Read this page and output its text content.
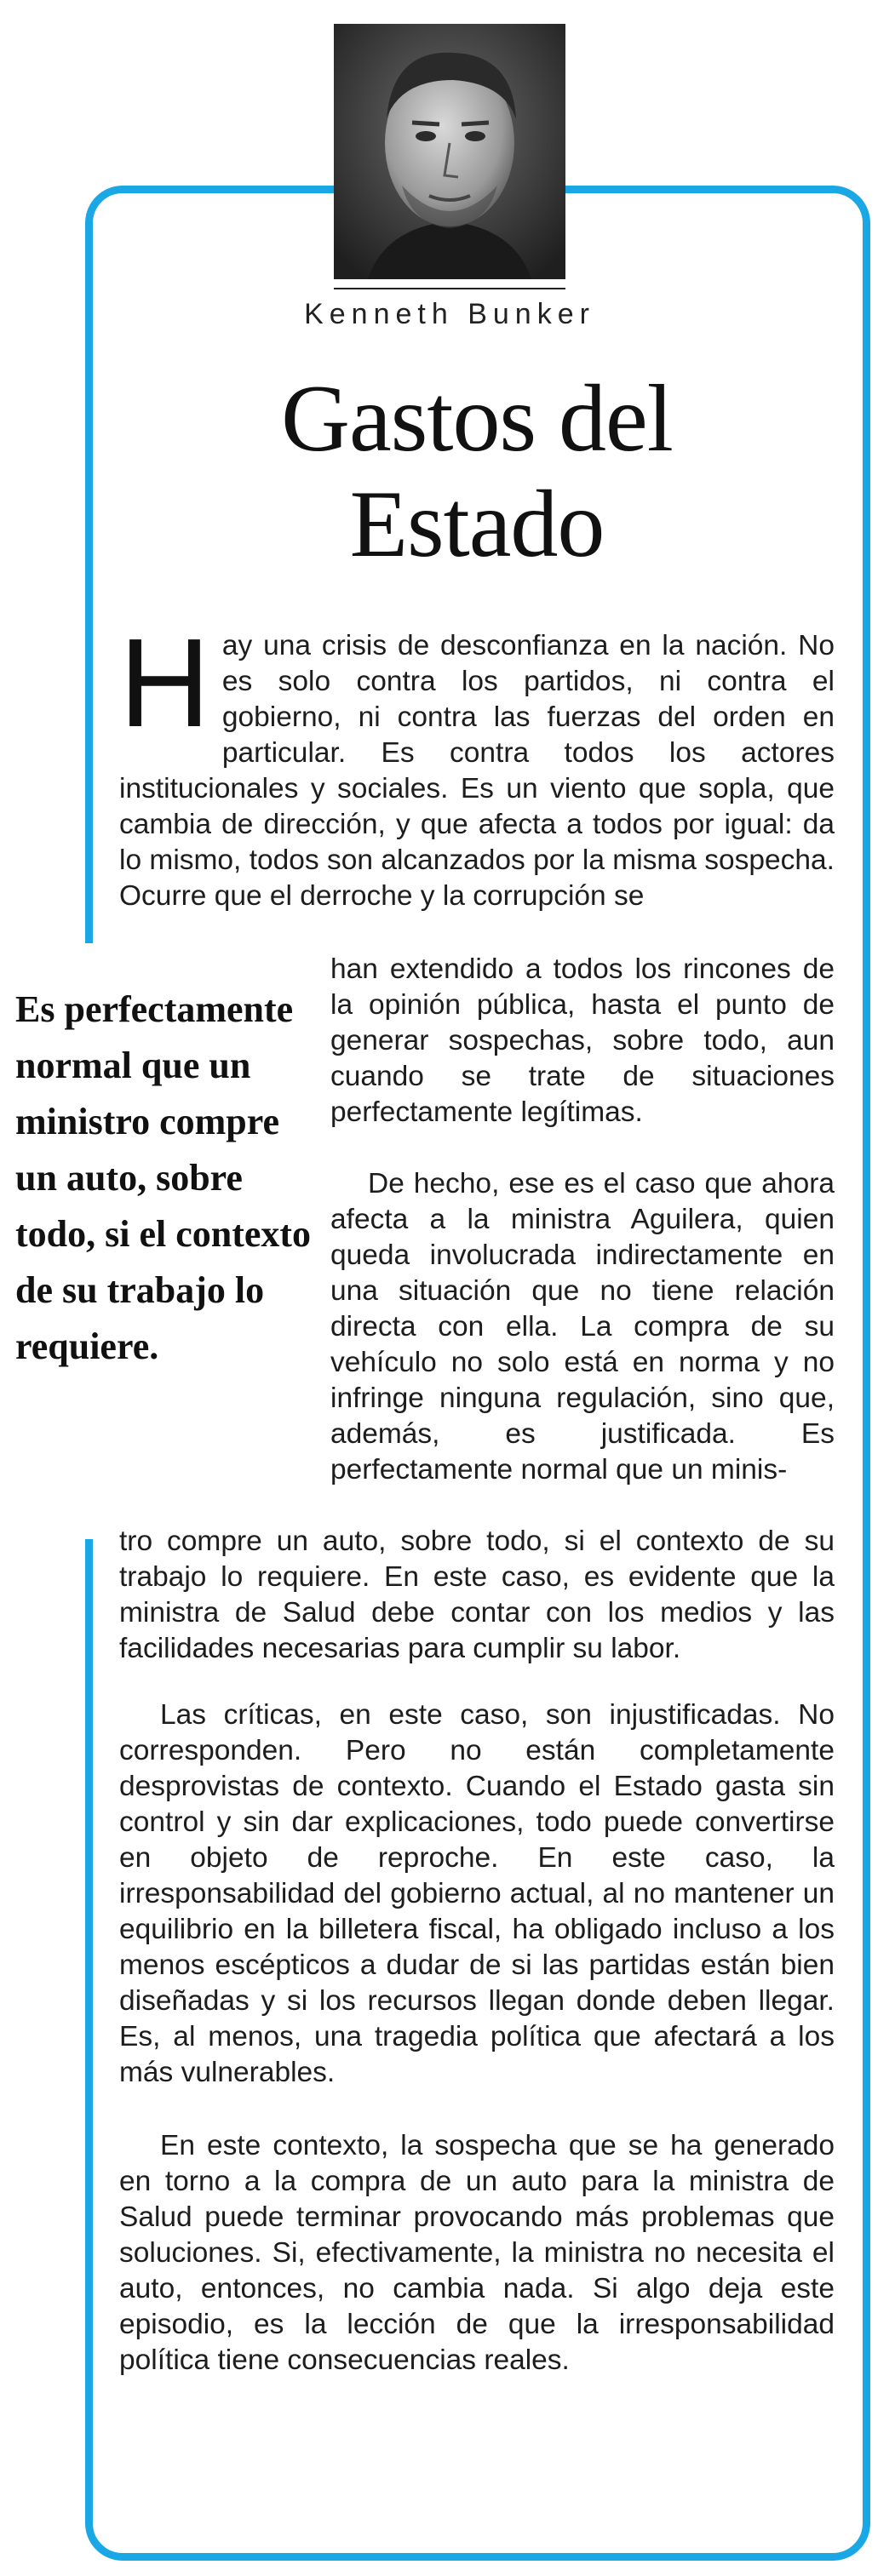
Kenneth Bunker
Gastos del Estado

Hay una crisis de desconfianza en la nación. No es solo contra los partidos, ni contra el gobierno, ni contra las fuerzas del orden en particular. Es contra todos los actores institucionales y sociales. Es un viento que sopla, que cambia de dirección, y que afecta a todos por igual: da lo mismo, todos son alcanzados por la misma sospecha. Ocurre que el derroche y la corrupción se

Es perfectamente normal que un ministro compre un auto, sobre todo, si el contexto de su trabajo lo requiere.

han extendido a todos los rincones de la opinión pública, hasta el punto de generar sospechas, sobre todo, aun cuando se trate de situaciones perfectamente legítimas.

De hecho, ese es el caso que ahora afecta a la ministra Aguilera, quien queda involucrada indirectamente en una situación que no tiene relación directa con ella. La compra de su vehículo no solo está en norma y no infringe ninguna regulación, sino que, además, es justificada. Es perfectamente normal que un minis-

tro compre un auto, sobre todo, si el contexto de su trabajo lo requiere. En este caso, es evidente que la ministra de Salud debe contar con los medios y las facilidades necesarias para cumplir su labor.

Las críticas, en este caso, son injustificadas. No corresponden. Pero no están completamente desprovistas de contexto. Cuando el Estado gasta sin control y sin dar explicaciones, todo puede convertirse en objeto de reproche. En este caso, la irresponsabilidad del gobierno actual, al no mantener un equilibrio en la billetera fiscal, ha obligado incluso a los menos escépticos a dudar de si las partidas están bien diseñadas y si los recursos llegan donde deben llegar. Es, al menos, una tragedia política que afectará a los más vulnerables.

En este contexto, la sospecha que se ha generado en torno a la compra de un auto para la ministra de Salud puede terminar provocando más problemas que soluciones. Si, efectivamente, la ministra no necesita el auto, entonces, no cambia nada. Si algo deja este episodio, es la lección de que la irresponsabilidad política tiene consecuencias reales.
